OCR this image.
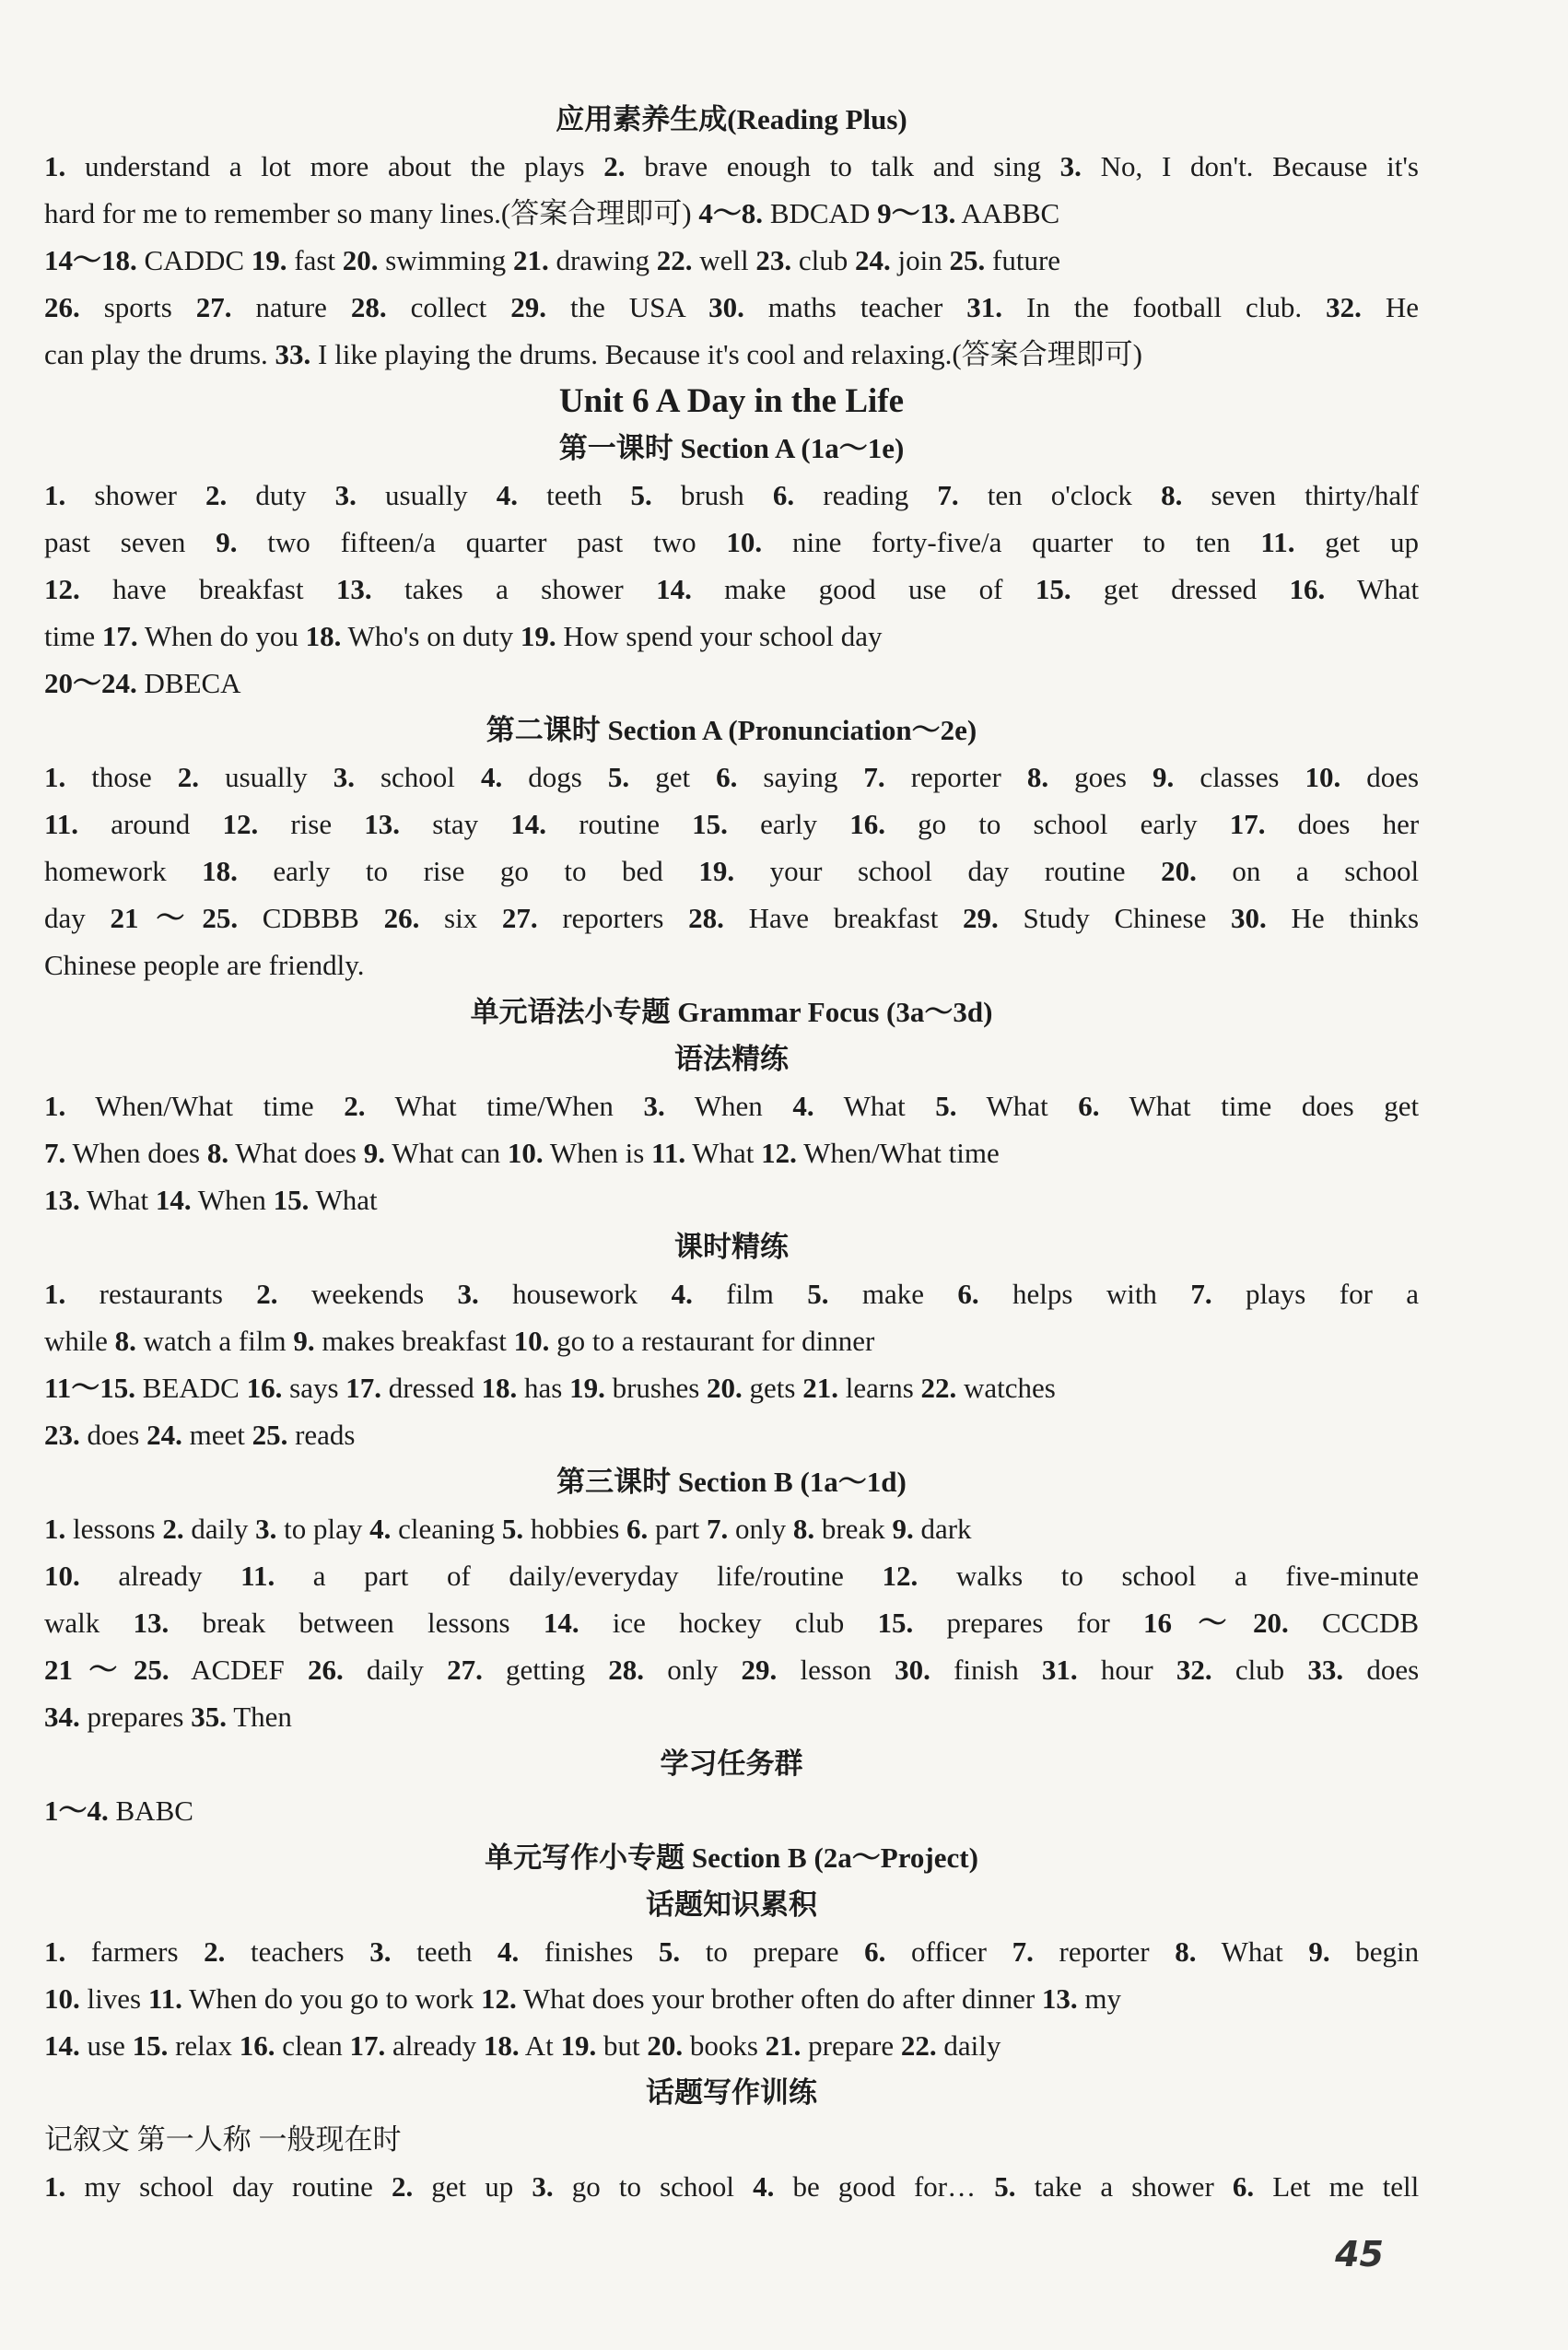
应用素养生成(Reading Plus)
1. understand a lot more about the plays 2. brave enough to talk and sing 3. No, I don't. Because it's
hard for me to remember so many lines.(答案合理即可) 4～8. BDCAD 9～13. AABBC
14～18. CADDC 19. fast 20. swimming 21. drawing 22. well 23. club 24. join 25. future
26. sports 27. nature 28. collect 29. the USA 30. maths teacher 31. In the football club. 32. He
can play the drums. 33. I like playing the drums. Because it's cool and relaxing.(答案合理即可)
Unit 6 A Day in the Life
第一课时 Section A (1a～1e)
1. shower 2. duty 3. usually 4. teeth 5. brush 6. reading 7. ten o'clock 8. seven thirty/half
past seven 9. two fifteen/a quarter past two 10. nine forty-five/a quarter to ten 11. get up
12. have breakfast 13. takes a shower 14. make good use of 15. get dressed 16. What
time 17. When do you 18. Who's on duty 19. How spend your school day
20～24. DBECA
第二课时 Section A (Pronunciation～2e)
1. those 2. usually 3. school 4. dogs 5. get 6. saying 7. reporter 8. goes 9. classes 10. does
11. around 12. rise 13. stay 14. routine 15. early 16. go to school early 17. does her
homework 18. early to rise go to bed 19. your school day routine 20. on a school
day 21～25. CDBBB 26. six 27. reporters 28. Have breakfast 29. Study Chinese 30. He thinks
Chinese people are friendly.
单元语法小专题 Grammar Focus (3a～3d)
语法精练
1. When/What time 2. What time/When 3. When 4. What 5. What 6. What time does get
7. When does 8. What does 9. What can 10. When is 11. What 12. When/What time
13. What 14. When 15. What
课时精练
1. restaurants 2. weekends 3. housework 4. film 5. make 6. helps with 7. plays for a
while 8. watch a film 9. makes breakfast 10. go to a restaurant for dinner
11～15. BEADC 16. says 17. dressed 18. has 19. brushes 20. gets 21. learns 22. watches
23. does 24. meet 25. reads
第三课时 Section B (1a～1d)
1. lessons 2. daily 3. to play 4. cleaning 5. hobbies 6. part 7. only 8. break 9. dark
10. already 11. a part of daily/everyday life/routine 12. walks to school a five-minute
walk 13. break between lessons 14. ice hockey club 15. prepares for 16～20. CCCDB
21～25. ACDEF 26. daily 27. getting 28. only 29. lesson 30. finish 31. hour 32. club 33. does
34. prepares 35. Then
学习任务群
1～4. BABC
单元写作小专题 Section B (2a～Project)
话题知识累积
1. farmers 2. teachers 3. teeth 4. finishes 5. to prepare 6. officer 7. reporter 8. What 9. begin
10. lives 11. When do you go to work 12. What does your brother often do after dinner 13. my
14. use 15. relax 16. clean 17. already 18. At 19. but 20. books 21. prepare 22. daily
话题写作训练
记叙文 第一人称 一般现在时
1. my school day routine 2. get up 3. go to school 4. be good for… 5. take a shower 6. Let me tell
45
